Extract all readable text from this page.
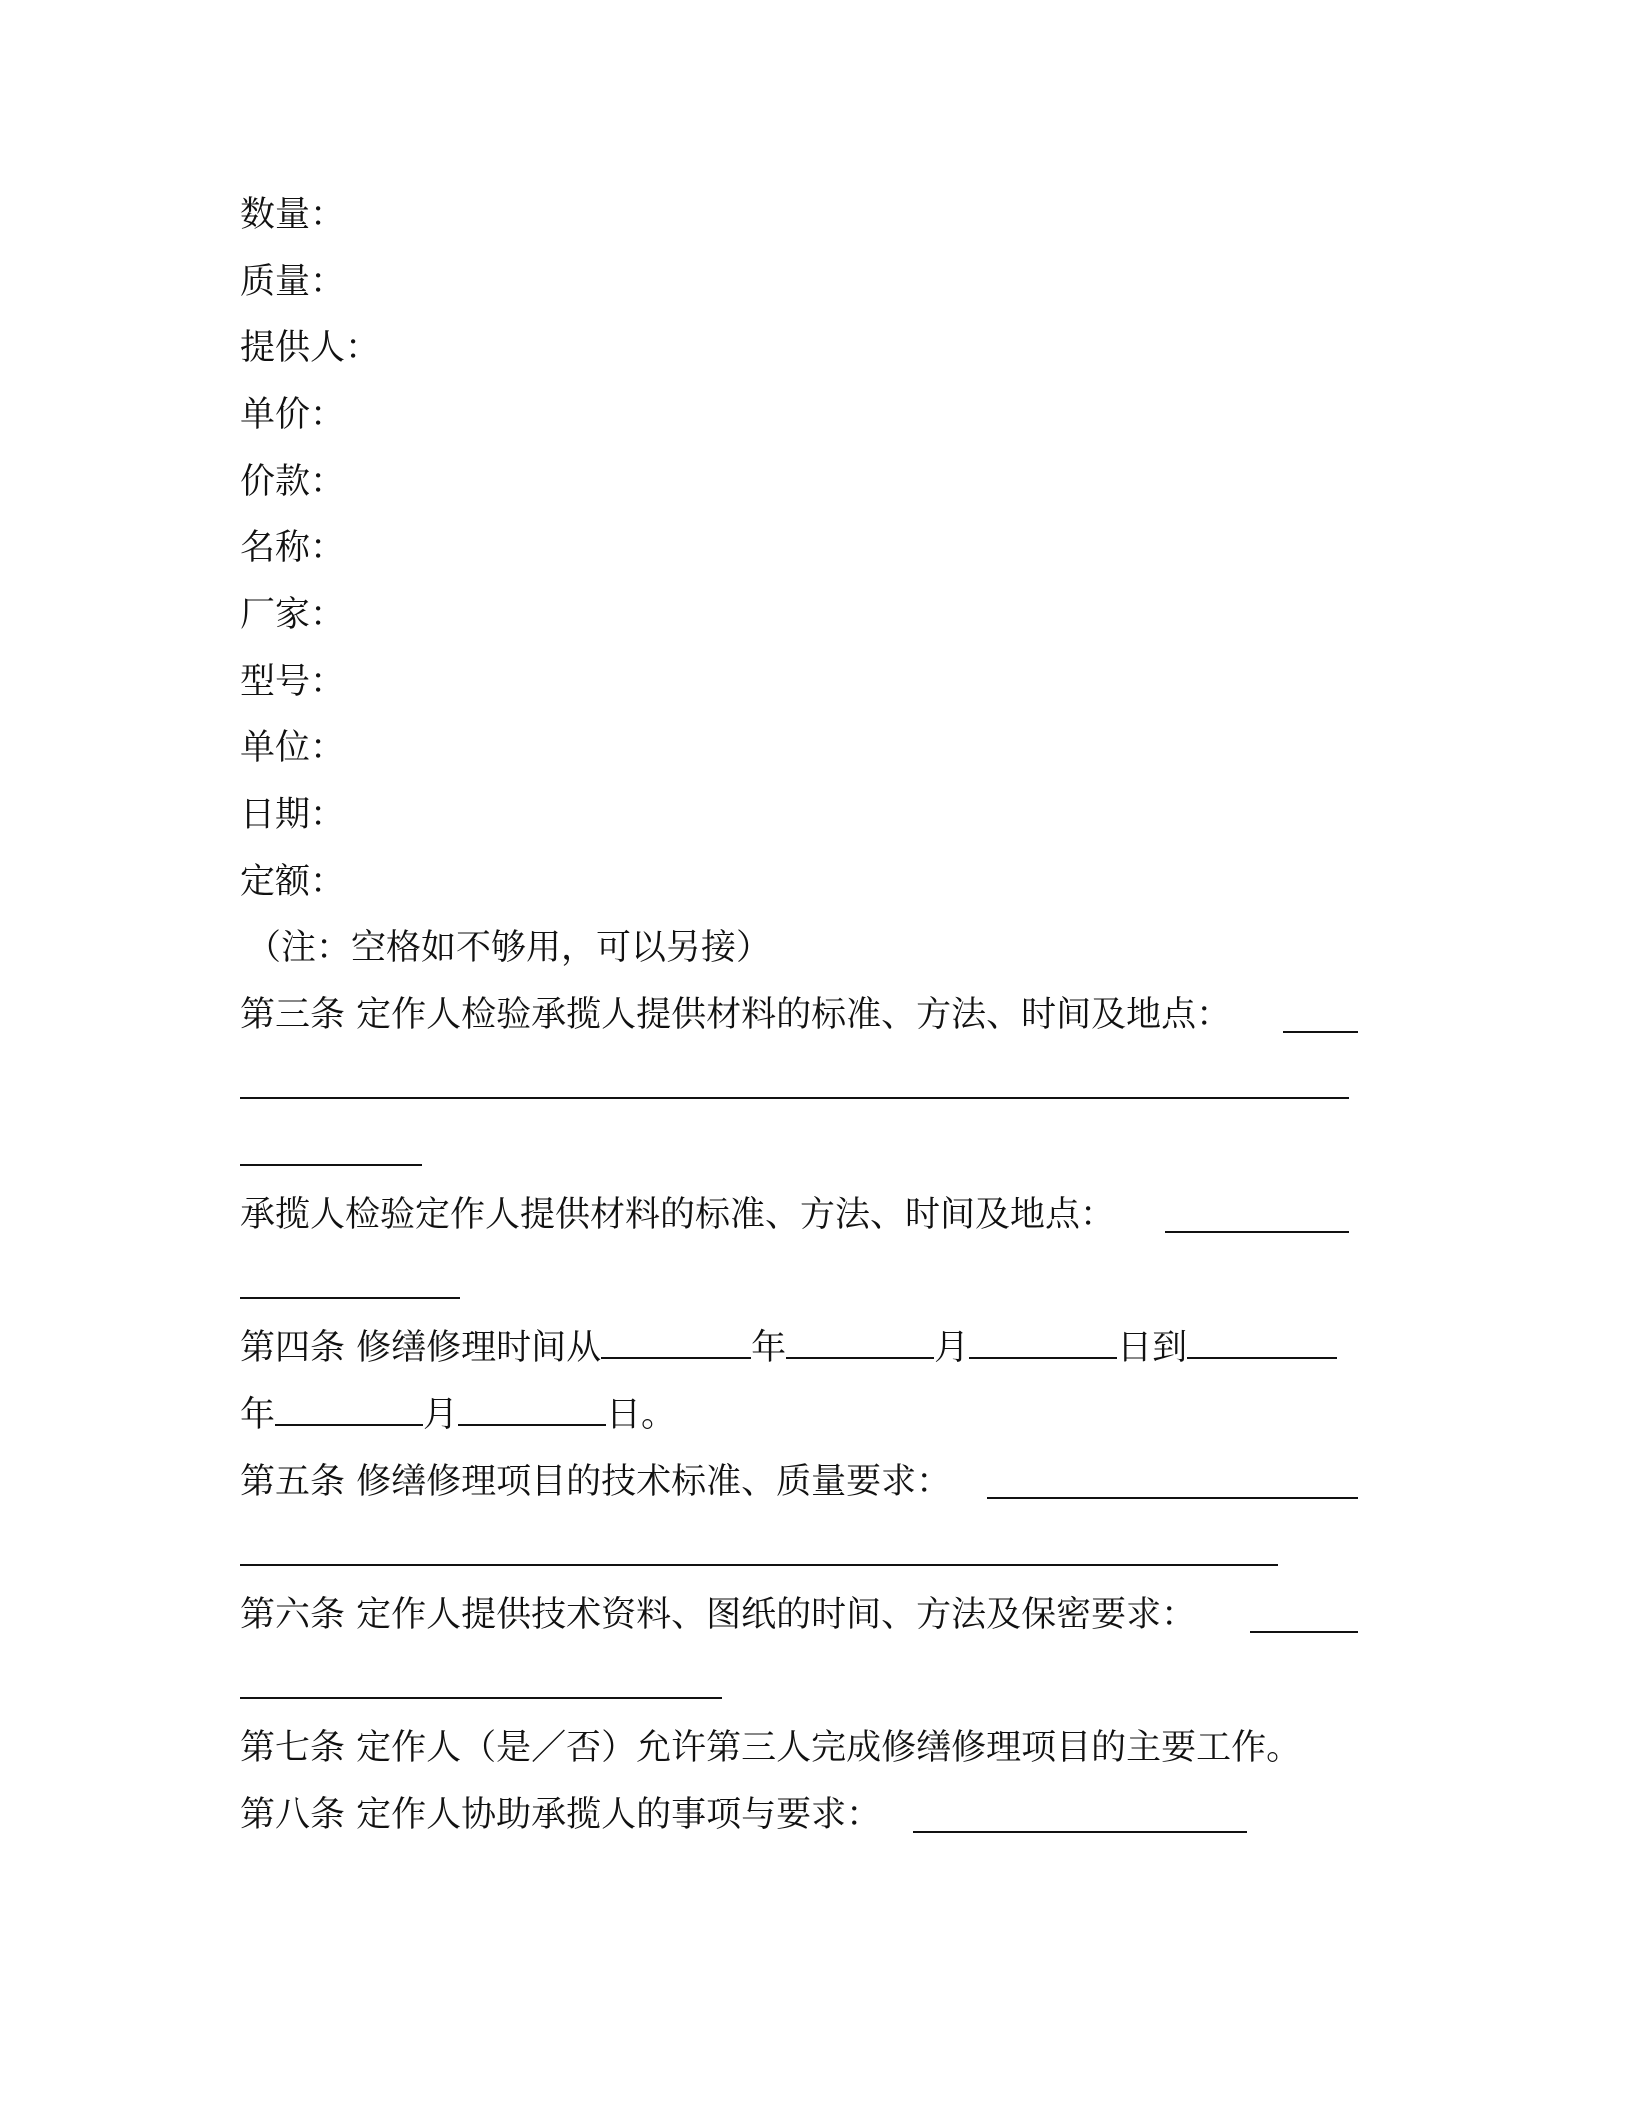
数量：
质量：
提供人：
单价：
价款：
名称：
厂家：
型号：
单位：
日期：
定额：
（注：空格如不够用，可以另接）
第三条 定作人检验承揽人提供材料的标准、方法、时间及地点：
承揽人检验定作人提供材料的标准、方法、时间及地点：
第四条 修缮修理时间从	年	月	日到
年	月	日。
第五条 修缮修理项目的技术标准、质量要求：
第六条 定作人提供技术资料、图纸的时间、方法及保密要求：
第七条 定作人（是／否）允许第三人完成修缮修理项目的主要工作。
第八条 定作人协助承揽人的事项与要求：
